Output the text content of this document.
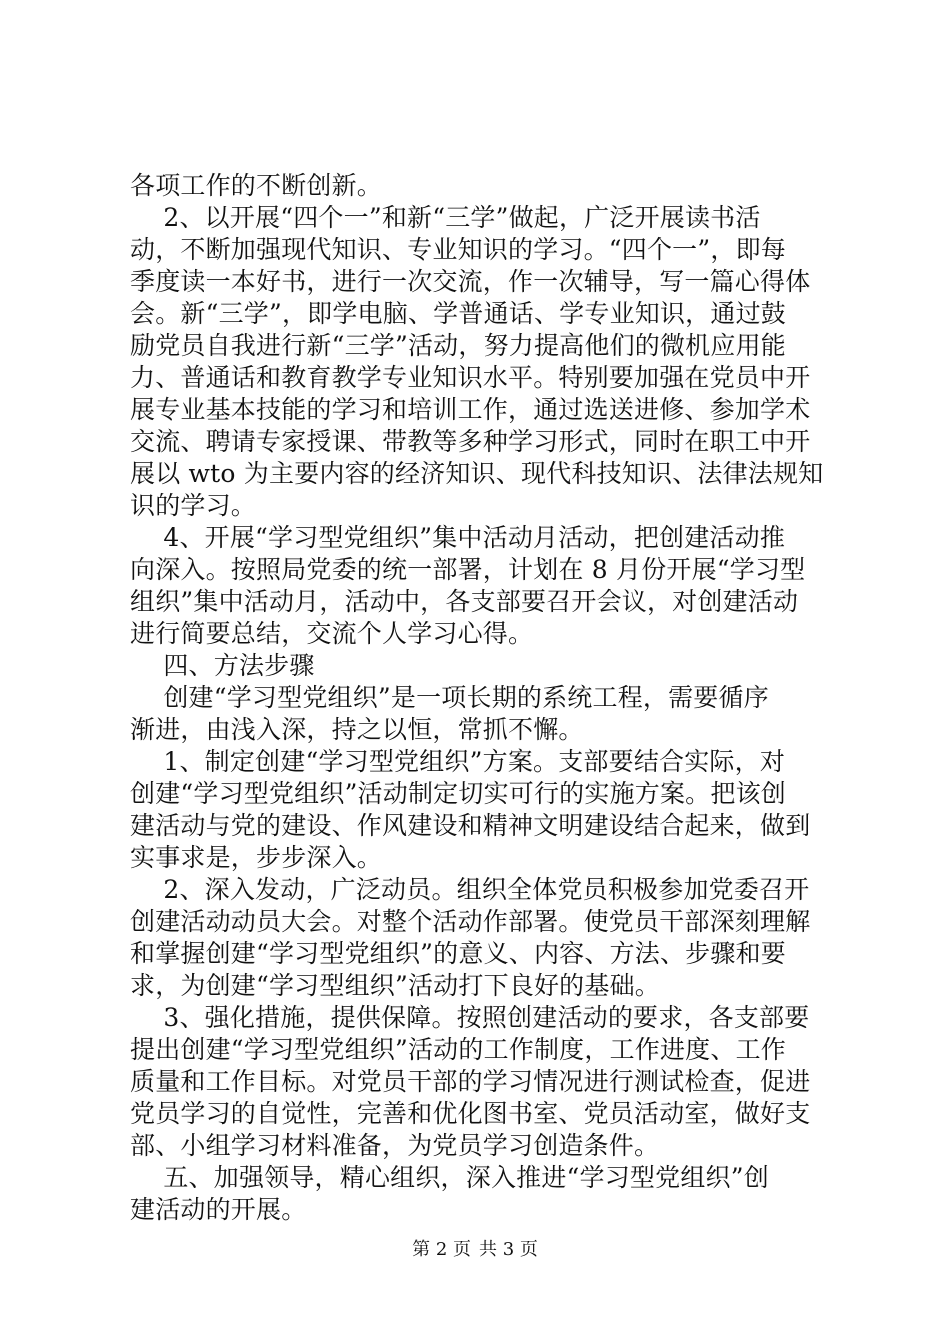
各项工作的不断创新。
　 2、以开展“四个一”和新“三学”做起，广泛开展读书活
动，不断加强现代知识、专业知识的学习。“四个一”，即每
季度读一本好书，进行一次交流，作一次辅导，写一篇心得体
会。新“三学”，即学电脑、学普通话、学专业知识，通过鼓
励党员自我进行新“三学”活动，努力提高他们的微机应用能
力、普通话和教育教学专业知识水平。特别要加强在党员中开
展专业基本技能的学习和培训工作，通过选送进修、参加学术
交流、聘请专家授课、带教等多种学习形式，同时在职工中开
展以 wto 为主要内容的经济知识、现代科技知识、法律法规知
识的学习。
　 4、开展“学习型党组织”集中活动月活动，把创建活动推
向深入。按照局党委的统一部署，计划在 8 月份开展“学习型
组织”集中活动月，活动中，各支部要召开会议，对创建活动
进行简要总结，交流个人学习心得。
　 四、方法步骤
　 创建“学习型党组织”是一项长期的系统工程，需要循序
渐进，由浅入深，持之以恒，常抓不懈。
　 1、制定创建“学习型党组织”方案。支部要结合实际，对
创建“学习型党组织”活动制定切实可行的实施方案。把该创
建活动与党的建设、作风建设和精神文明建设结合起来，做到
实事求是，步步深入。
　 2、深入发动，广泛动员。组织全体党员积极参加党委召开
创建活动动员大会。对整个活动作部署。使党员干部深刻理解
和掌握创建“学习型党组织”的意义、内容、方法、步骤和要
求，为创建“学习型组织”活动打下良好的基础。
　 3、强化措施，提供保障。按照创建活动的要求，各支部要
提出创建“学习型党组织”活动的工作制度，工作进度、工作
质量和工作目标。对党员干部的学习情况进行测试检查，促进
党员学习的自觉性，完善和优化图书室、党员活动室，做好支
部、小组学习材料准备，为党员学习创造条件。
　 五、加强领导，精心组织，深入推进“学习型党组织”创
建活动的开展。
第 2 页 共 3 页
